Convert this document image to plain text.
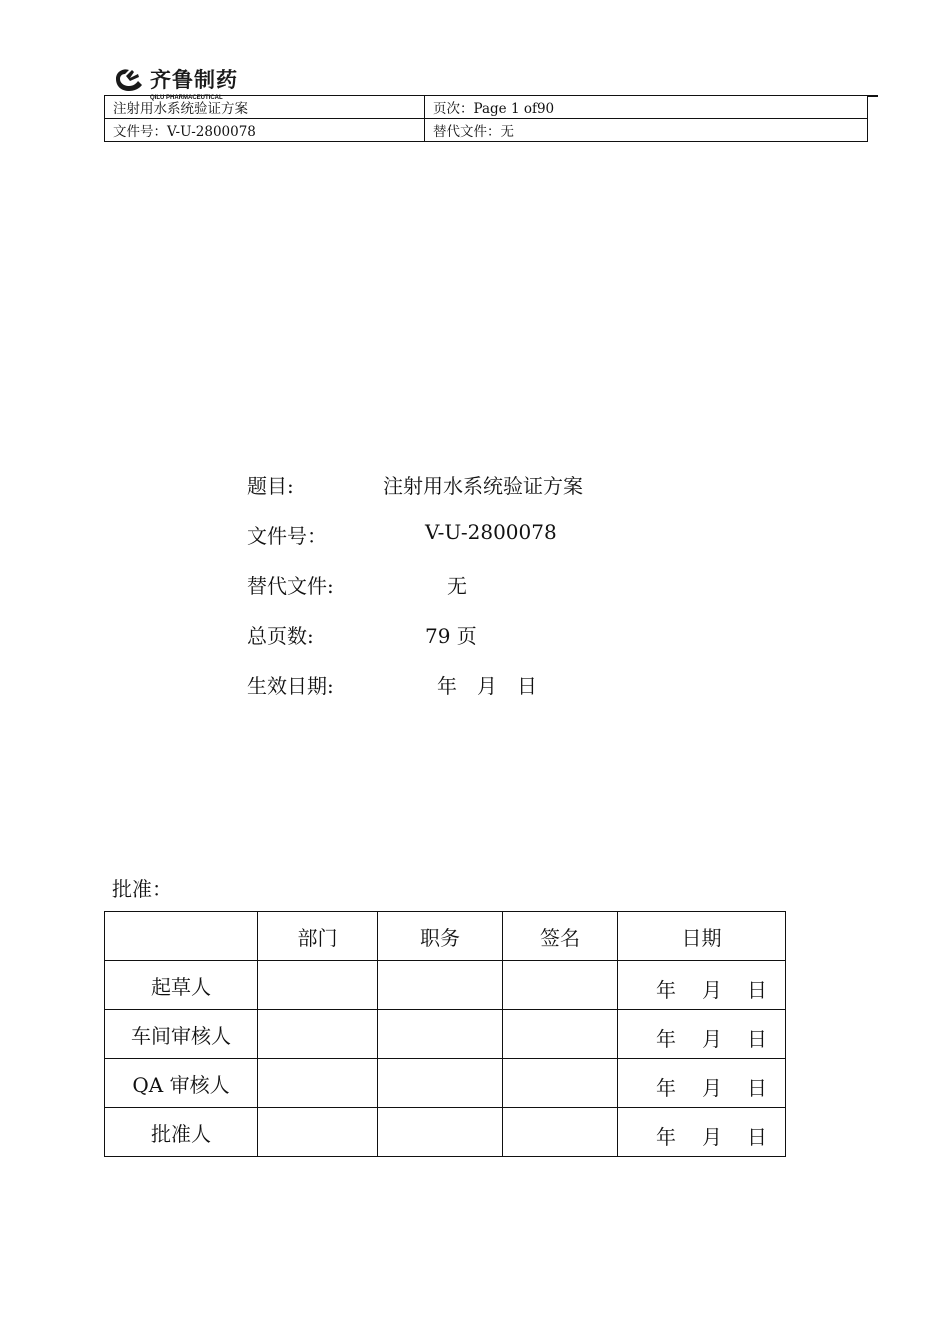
齐鲁制药
QILU PHARMACEUTICAL
注射用水系统验证方案	页次：Page 1 of90
文件号：V-U-2800078	替代文件：无
题目:	注射用水系统验证方案
文件号：	V-U-2800078
替代文件:	无
总页数:	79 页
生效日期:	年　月　日
批准：
	部门	职务	签名	日期
起草人				年 月 日

车间审核人				年 月 日

QA 审核人				年 月 日

批准人				年 月 日
